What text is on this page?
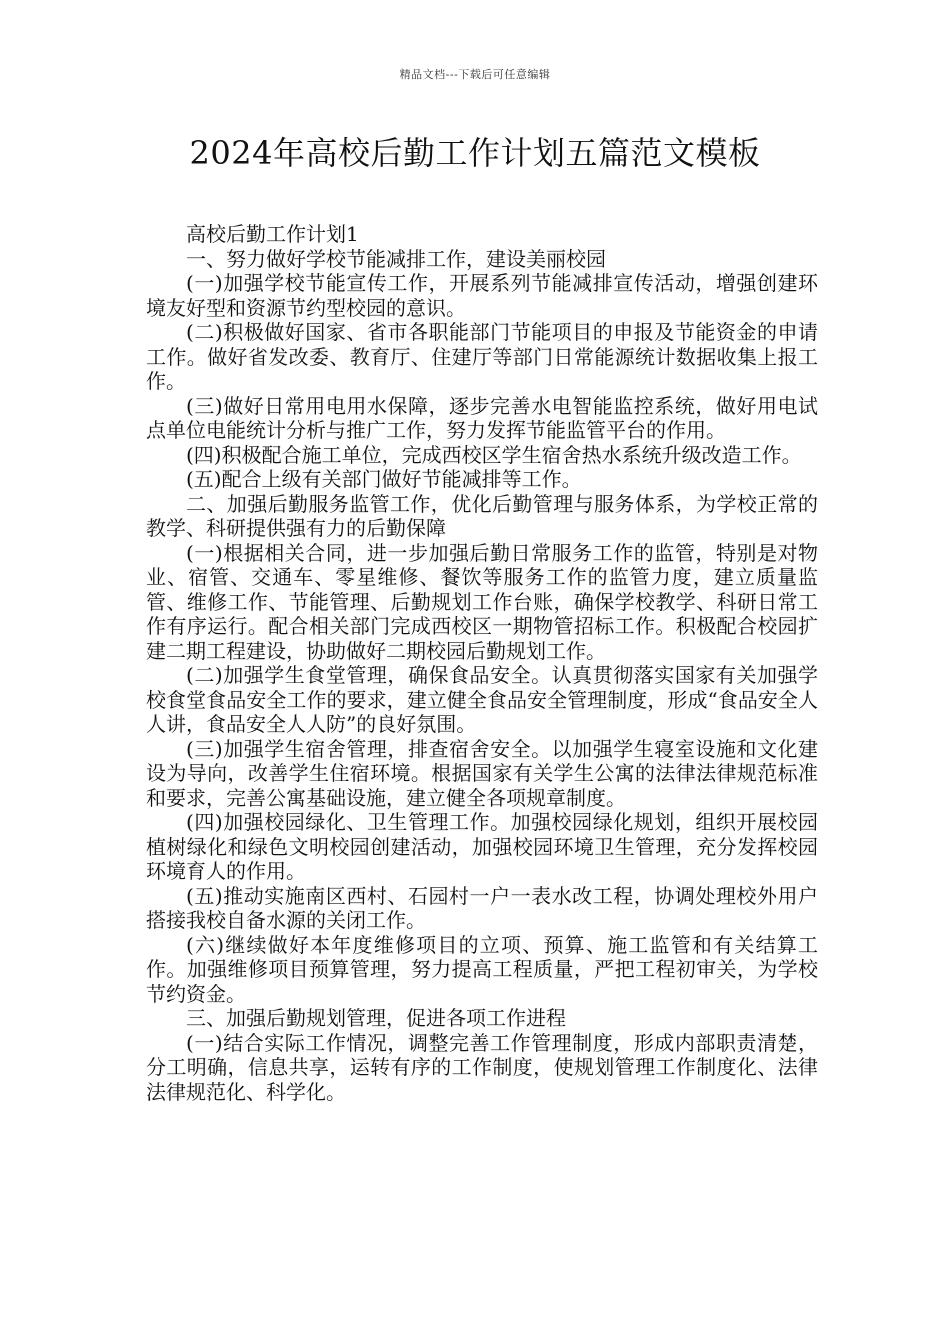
精品文档---下载后可任意编辑
2024年高校后勤工作计划五篇范文模板

高校后勤工作计划1

一、努力做好学校节能减排工作，建设美丽校园

(一)加强学校节能宣传工作，开展系列节能减排宣传活动，增强创建环境友好型和资源节约型校园的意识。

(二)积极做好国家、省市各职能部门节能项目的申报及节能资金的申请工作。做好省发改委、教育厅、住建厅等部门日常能源统计数据收集上报工作。

(三)做好日常用电用水保障，逐步完善水电智能监控系统，做好用电试点单位电能统计分析与推广工作，努力发挥节能监管平台的作用。

(四)积极配合施工单位，完成西校区学生宿舍热水系统升级改造工作。

(五)配合上级有关部门做好节能减排等工作。

二、加强后勤服务监管工作，优化后勤管理与服务体系，为学校正常的教学、科研提供强有力的后勤保障

(一)根据相关合同，进一步加强后勤日常服务工作的监管，特别是对物业、宿管、交通车、零星维修、餐饮等服务工作的监管力度，建立质量监管、维修工作、节能管理、后勤规划工作台账，确保学校教学、科研日常工作有序运行。配合相关部门完成西校区一期物管招标工作。积极配合校园扩建二期工程建设，协助做好二期校园后勤规划工作。

(二)加强学生食堂管理，确保食品安全。认真贯彻落实国家有关加强学校食堂食品安全工作的要求，建立健全食品安全管理制度，形成“食品安全人人讲，食品安全人人防”的良好氛围。

(三)加强学生宿舍管理，排查宿舍安全。以加强学生寝室设施和文化建设为导向，改善学生住宿环境。根据国家有关学生公寓的法律法律规范标准和要求，完善公寓基础设施，建立健全各项规章制度。

(四)加强校园绿化、卫生管理工作。加强校园绿化规划，组织开展校园植树绿化和绿色文明校园创建活动，加强校园环境卫生管理，充分发挥校园环境育人的作用。

(五)推动实施南区西村、石园村一户一表水改工程，协调处理校外用户搭接我校自备水源的关闭工作。

(六)继续做好本年度维修项目的立项、预算、施工监管和有关结算工作。加强维修项目预算管理，努力提高工程质量，严把工程初审关，为学校节约资金。

三、加强后勤规划管理，促进各项工作进程

(一)结合实际工作情况，调整完善工作管理制度，形成内部职责清楚，分工明确，信息共享，运转有序的工作制度，使规划管理工作制度化、法律法律规范化、科学化。
